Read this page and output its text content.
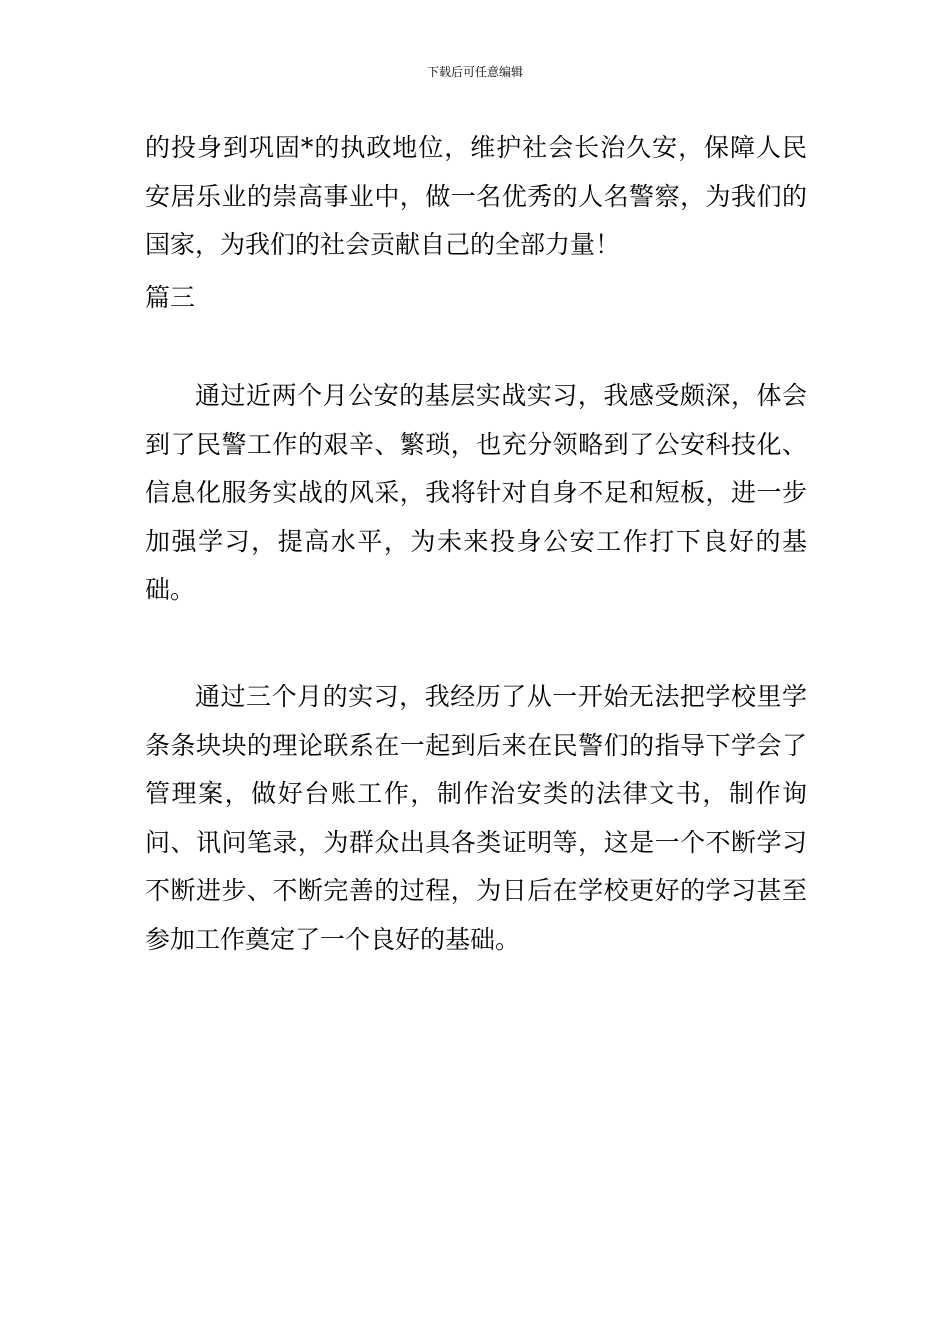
下载后可任意编辑
的投身到巩固*的执政地位，维护社会长治久安，保障人民安居乐业的崇高事业中，做一名优秀的人名警察，为我们的国家，为我们的社会贡献自己的全部力量！
篇三

通过近两个月公安的基层实战实习，我感受颇深，体会到了民警工作的艰辛、繁琐，也充分领略到了公安科技化、信息化服务实战的风采，我将针对自身不足和短板，进一步加强学习，提高水平，为未来投身公安工作打下良好的基础。

通过三个月的实习，我经历了从一开始无法把学校里学条条块块的理论联系在一起到后来在民警们的指导下学会了管理案，做好台账工作，制作治安类的法律文书，制作询问、讯问笔录，为群众出具各类证明等，这是一个不断学习不断进步、不断完善的过程，为日后在学校更好的学习甚至参加工作奠定了一个良好的基础。
